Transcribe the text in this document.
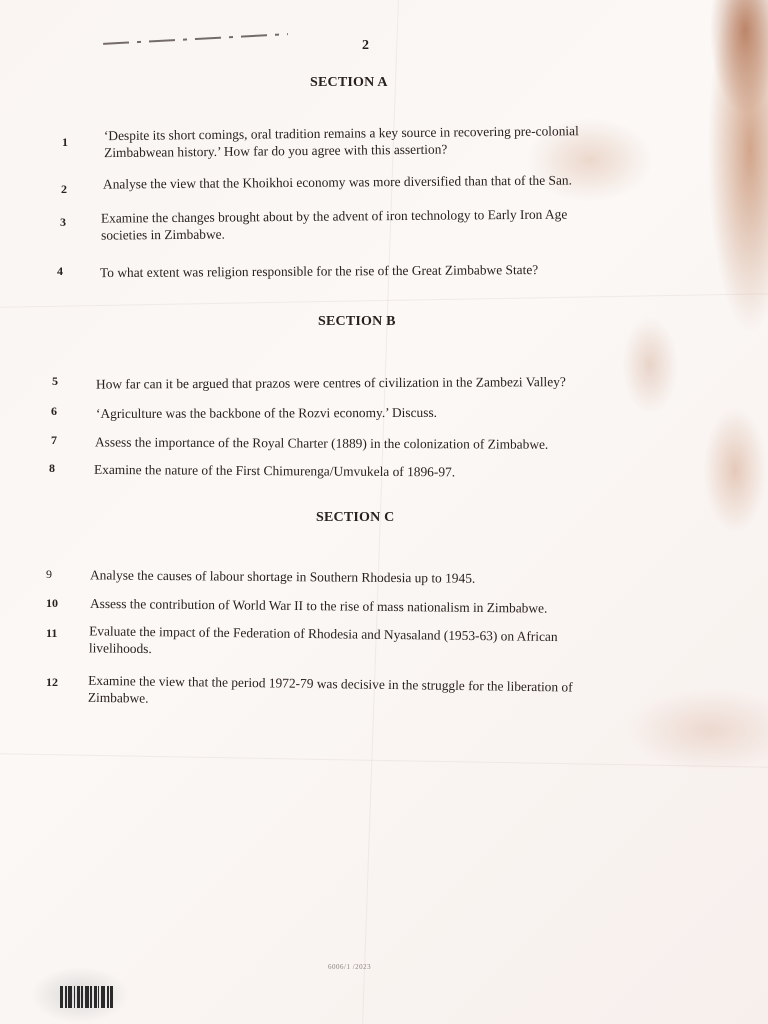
2
SECTION A
1	‘Despite its short comings, oral tradition remains a key source in recovering pre-colonial
Zimbabwean history.’ How far do you agree with this assertion?
2	Analyse the view that the Khoikhoi economy was more diversified than that of the San.
3	Examine the changes brought about by the advent of iron technology to Early Iron Age
societies in Zimbabwe.
4	To what extent was religion responsible for the rise of the Great Zimbabwe State?
SECTION B
5	How far can it be argued that prazos were centres of civilization in the Zambezi Valley?
6	‘Agriculture was the backbone of the Rozvi economy.’ Discuss.
7	Assess the importance of the Royal Charter (1889) in the colonization of Zimbabwe.
8	Examine the nature of the First Chimurenga/Umvukela of 1896-97.
SECTION C
9	Analyse the causes of labour shortage in Southern Rhodesia up to 1945.
10 Assess the contribution of World War II to the rise of mass nationalism in Zimbabwe.
11 Evaluate the impact of the Federation of Rhodesia and Nyasaland (1953-63) on African
livelihoods.
12 Examine the view that the period 1972-79 was decisive in the struggle for the liberation of
Zimbabwe.
6006/1 /2023
